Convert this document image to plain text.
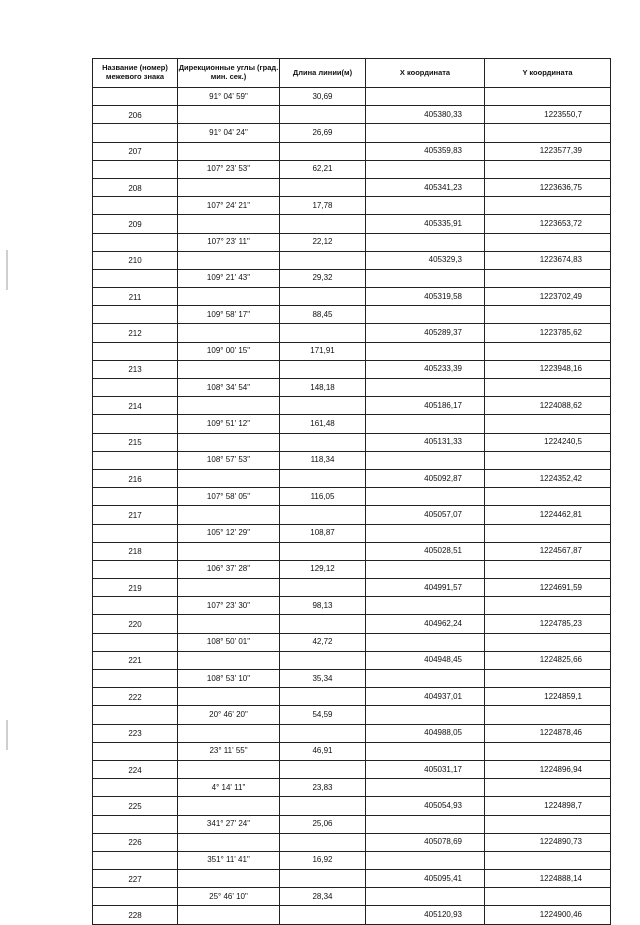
Название (номер) межевого знака	Дирекционные углы (град. мин. сек.)	Длина линии(м)	X координата	Y координата
	91° 04' 59"	30,69		
206			405380,33	1223550,7
	91° 04' 24"	26,69		
207			405359,83	1223577,39
	107° 23' 53"	62,21		
208			405341,23	1223636,75
	107° 24' 21"	17,78		
209			405335,91	1223653,72
	107° 23' 11"	22,12		
210			405329,3	1223674,83
	109° 21' 43"	29,32		
211			405319,58	1223702,49
	109° 58' 17"	88,45		
212			405289,37	1223785,62
	109° 00' 15"	171,91		
213			405233,39	1223948,16
	108° 34' 54"	148,18		
214			405186,17	1224088,62
	109° 51' 12"	161,48		
215			405131,33	1224240,5
	108° 57' 53"	118,34		
216			405092,87	1224352,42
	107° 58' 05"	116,05		
217			405057,07	1224462,81
	105° 12' 29"	108,87		
218			405028,51	1224567,87
	106° 37' 28"	129,12		
219			404991,57	1224691,59
	107° 23' 30"	98,13		
220			404962,24	1224785,23
	108° 50' 01"	42,72		
221			404948,45	1224825,66
	108° 53' 10"	35,34		
222			404937,01	1224859,1
	20° 46' 20"	54,59		
223			404988,05	1224878,46
	23° 11' 55"	46,91		
224			405031,17	1224896,94
	4° 14' 11"	23,83		
225			405054,93	1224898,7
	341° 27' 24"	25,06		
226			405078,69	1224890,73
	351° 11' 41"	16,92		
227			405095,41	1224888,14
	25° 46' 10"	28,34		
228			405120,93	1224900,46
